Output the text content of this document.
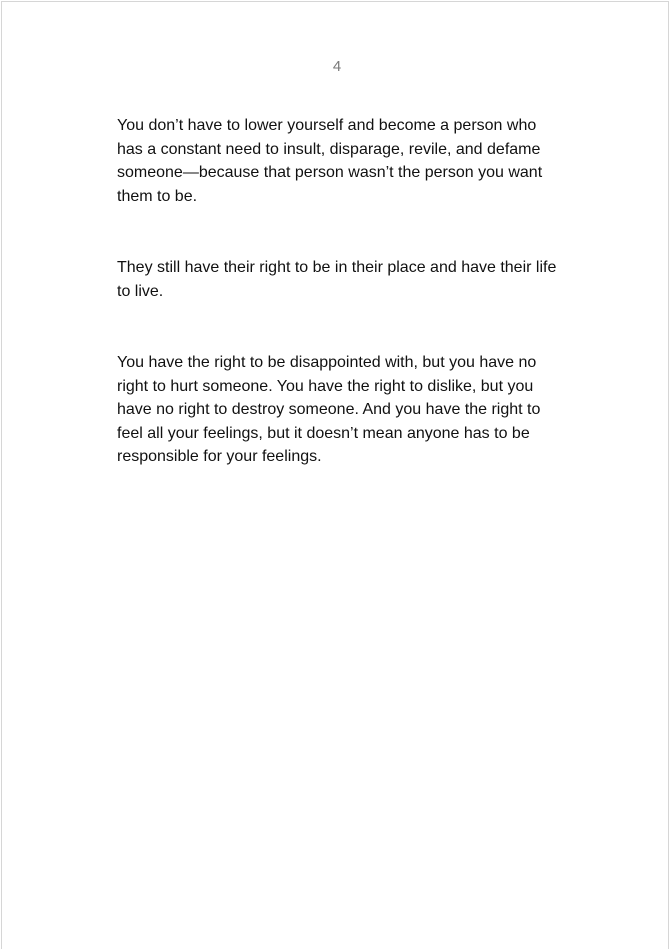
4

You don’t have to lower yourself and become a person who has a constant need to insult, disparage, revile, and defame someone—because that person wasn’t the person you want them to be.

They still have their right to be in their place and have their life to live.

You have the right to be disappointed with, but you have no right to hurt someone. You have the right to dislike, but you have no right to destroy someone. And you have the right to feel all your feelings, but it doesn’t mean anyone has to be responsible for your feelings.
